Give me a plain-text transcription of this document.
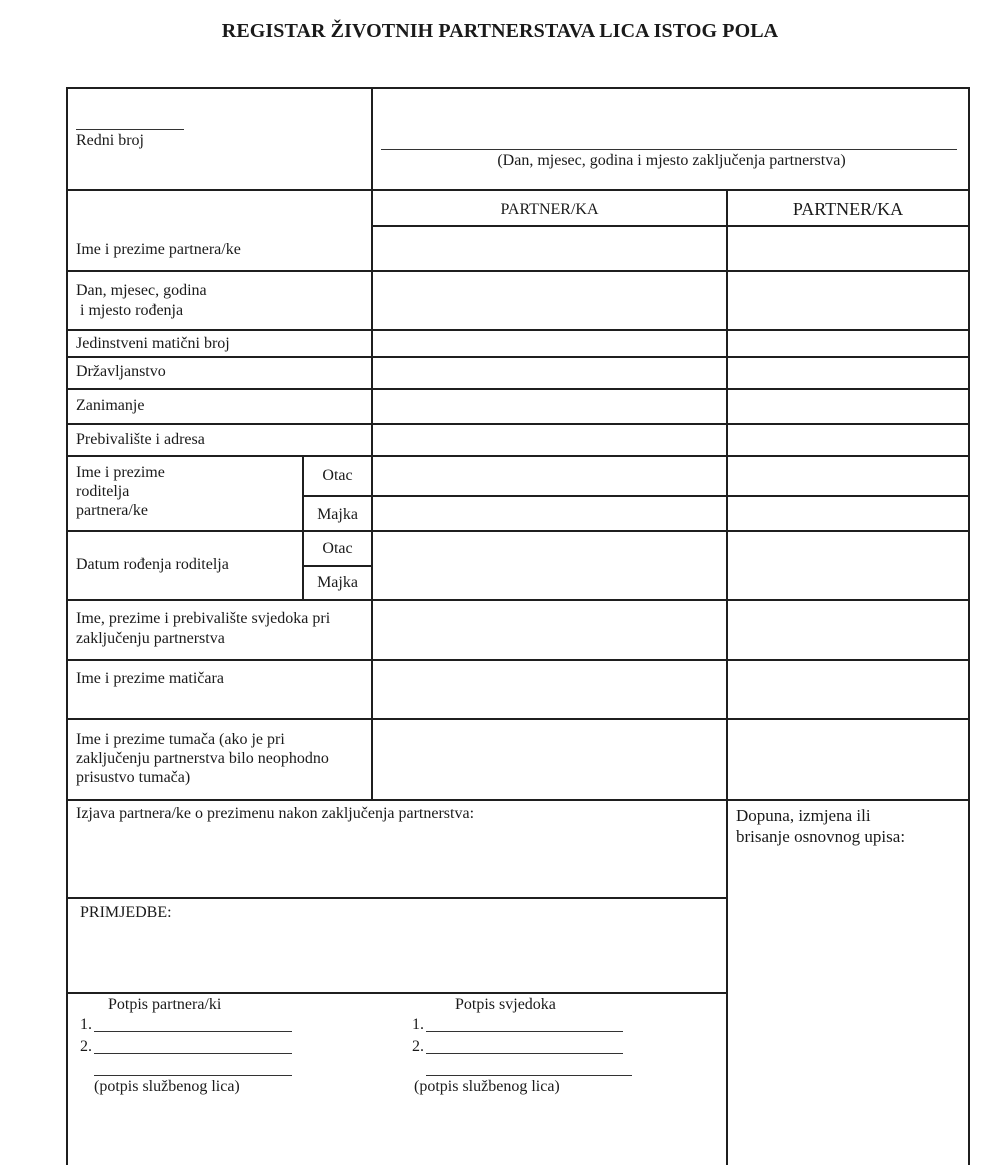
REGISTAR ŽIVOTNIH PARTNERSTAVA LICA ISTOG POLA
Redni broj
(Dan, mjesec, godina i mjesto zaključenja partnerstva)
PARTNER/KA	PARTNER/KA
Ime i prezime partnera/ke
Dan, mjesec, godina
i mjesto rođenja
Jedinstveni matični broj
Državljanstvo
Zanimanje
Prebivalište i adresa
Ime i prezime
roditelja
partnera/ke
Otac
Majka
Datum rođenja roditelja
Otac
Majka
Ime, prezime i prebivalište svjedoka pri
zaključenju partnerstva
Ime i prezime matičara
Ime i prezime tumača (ako je pri
zaključenju partnerstva bilo neophodno
prisustvo tumača)
Izjava partnera/ke o prezimenu nakon zaključenja partnerstva:
PRIMJEDBE:
Dopuna, izmjena ili
brisanje osnovnog upisa:
Potpis partnera/ki
1.
2.
(potpis službenog lica)
Potpis svjedoka
1.
2.
(potpis službenog lica)
